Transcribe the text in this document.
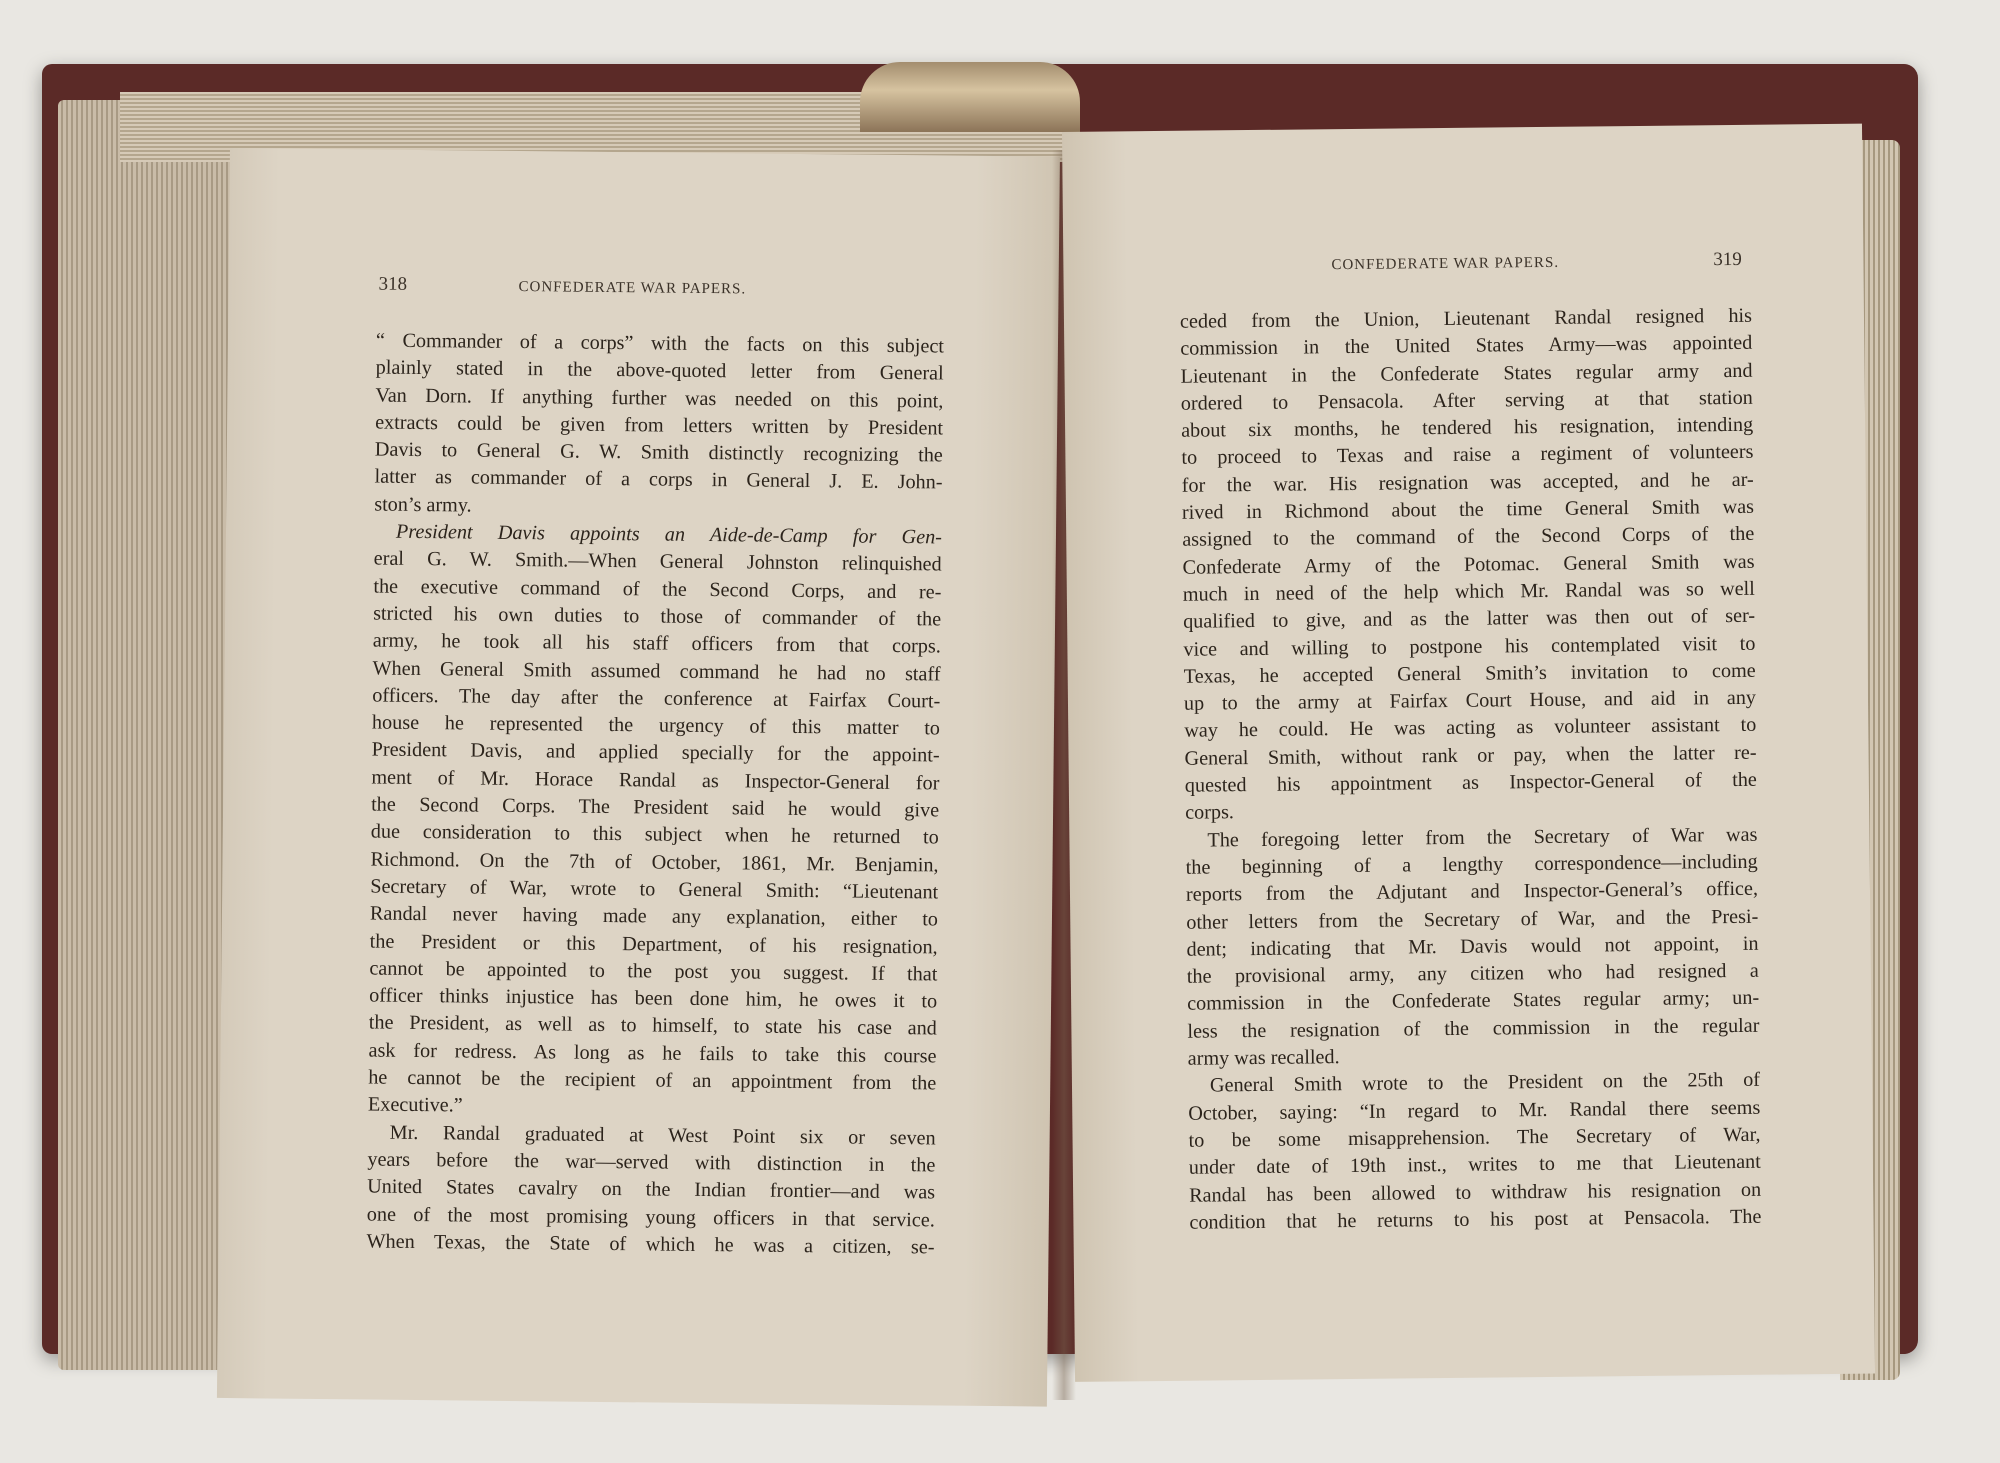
318	CONFEDERATE WAR PAPERS.
“ Commander of a corps” with the facts on this subject
plainly stated in the above-quoted letter from General
Van Dorn. If anything further was needed on this point,
extracts could be given from letters written by President
Davis to General G. W. Smith distinctly recognizing the
latter as commander of a corps in General J. E. John-
ston’s army.
President Davis appoints an Aide-de-Camp for Gen-
eral G. W. Smith.—When General Johnston relinquished
the executive command of the Second Corps, and re-
stricted his own duties to those of commander of the
army, he took all his staff officers from that corps.
When General Smith assumed command he had no staff
officers. The day after the conference at Fairfax Court-
house he represented the urgency of this matter to
President Davis, and applied specially for the appoint-
ment of Mr. Horace Randal as Inspector-General for
the Second Corps. The President said he would give
due consideration to this subject when he returned to
Richmond. On the 7th of October, 1861, Mr. Benjamin,
Secretary of War, wrote to General Smith: “Lieutenant
Randal never having made any explanation, either to
the President or this Department, of his resignation,
cannot be appointed to the post you suggest. If that
officer thinks injustice has been done him, he owes it to
the President, as well as to himself, to state his case and
ask for redress. As long as he fails to take this course
he cannot be the recipient of an appointment from the
Executive.”
Mr. Randal graduated at West Point six or seven
years before the war—served with distinction in the
United States cavalry on the Indian frontier—and was
one of the most promising young officers in that service.
When Texas, the State of which he was a citizen, se-
CONFEDERATE WAR PAPERS.	319
ceded from the Union, Lieutenant Randal resigned his
commission in the United States Army—was appointed
Lieutenant in the Confederate States regular army and
ordered to Pensacola. After serving at that station
about six months, he tendered his resignation, intending
to proceed to Texas and raise a regiment of volunteers
for the war. His resignation was accepted, and he ar-
rived in Richmond about the time General Smith was
assigned to the command of the Second Corps of the
Confederate Army of the Potomac. General Smith was
much in need of the help which Mr. Randal was so well
qualified to give, and as the latter was then out of ser-
vice and willing to postpone his contemplated visit to
Texas, he accepted General Smith’s invitation to come
up to the army at Fairfax Court House, and aid in any
way he could. He was acting as volunteer assistant to
General Smith, without rank or pay, when the latter re-
quested his appointment as Inspector-General of the
corps.
The foregoing letter from the Secretary of War was
the beginning of a lengthy correspondence—including
reports from the Adjutant and Inspector-General’s office,
other letters from the Secretary of War, and the Presi-
dent; indicating that Mr. Davis would not appoint, in
the provisional army, any citizen who had resigned a
commission in the Confederate States regular army; un-
less the resignation of the commission in the regular
army was recalled.
General Smith wrote to the President on the 25th of
October, saying: “In regard to Mr. Randal there seems
to be some misapprehension. The Secretary of War,
under date of 19th inst., writes to me that Lieutenant
Randal has been allowed to withdraw his resignation on
condition that he returns to his post at Pensacola. The
